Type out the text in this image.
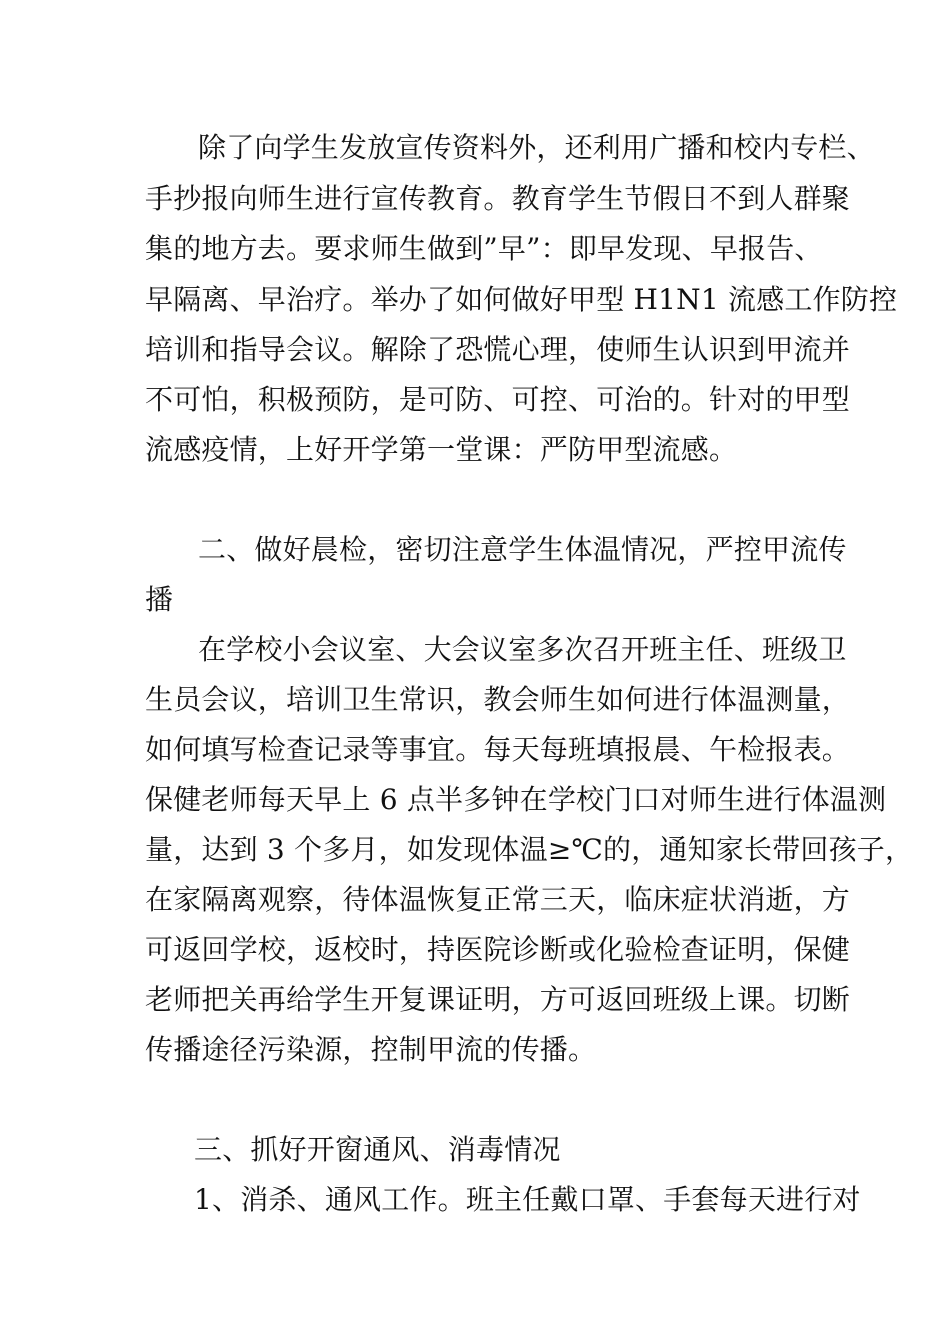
除了向学生发放宣传资料外，还利用广播和校内专栏、
手抄报向师生进行宣传教育。教育学生节假日不到人群聚
集的地方去。要求师生做到”早”：即早发现、早报告、
早隔离、早治疗。举办了如何做好甲型 H1N1 流感工作防控
培训和指导会议。解除了恐慌心理，使师生认识到甲流并
不可怕，积极预防，是可防、可控、可治的。针对的甲型
流感疫情，上好开学第一堂课：严防甲型流感。
二、做好晨检，密切注意学生体温情况，严控甲流传
播
在学校小会议室、大会议室多次召开班主任、班级卫
生员会议，培训卫生常识，教会师生如何进行体温测量，
如何填写检查记录等事宜。每天每班填报晨、午检报表。
保健老师每天早上 6 点半多钟在学校门口对师生进行体温测
量，达到 3 个多月，如发现体温≥℃的，通知家长带回孩子，
在家隔离观察，待体温恢复正常三天，临床症状消逝，方
可返回学校，返校时，持医院诊断或化验检查证明，保健
老师把关再给学生开复课证明，方可返回班级上课。切断
传播途径污染源，控制甲流的传播。
三、抓好开窗通风、消毒情况
1、消杀、通风工作。班主任戴口罩、手套每天进行对
